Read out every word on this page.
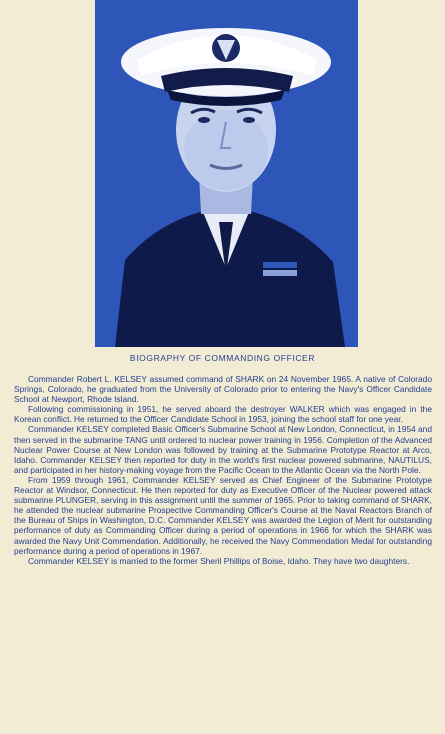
BIOGRAPHY OF COMMANDING OFFICER

Commander Robert L. KELSEY assumed command of SHARK on 24 November 1965. A native of Colorado Springs, Colorado, he graduated from the University of Colorado prior to entering the Navy's Officer Candidate School at Newport, Rhode Island.

Following commissioning in 1951, he served aboard the destroyer WALKER which was engaged in the Korean conflict. He returned to the Officer Candidate School in 1953, joining the school staff for one year.

Commander KELSEY completed Basic Officer's Submarine School at New London, Connecticut, in 1954 and then served in the submarine TANG until ordered to nuclear power training in 1956. Completion of the Advanced Nuclear Power Course at New London was followed by training at the Submarine Prototype Reactor at Arco, Idaho. Commander KELSEY then reported for duty in the world's first nuclear powered submarine, NAUTILUS, and participated in her history-making voyage from the Pacific Ocean to the Atlantic Ocean via the North Pole.

From 1959 through 1961, Commander KELSEY served as Chief Engineer of the Submarine Prototype Reactor at Windsor, Connecticut. He then reported for duty as Executive Officer of the Nuclear powered attack submarine PLUNGER, serving in this assignment until the summer of 1965. Prior to taking command of SHARK, he attended the nuclear submarine Prospective Commanding Officer's Course at the Naval Reactors Branch of the Bureau of Ships in Washington, D.C. Commander KELSEY was awarded the Legion of Merit for outstanding performance of duty as Commanding Officer during a period of operations in 1966 for which the SHARK was awarded the Navy Unit Commendation. Additionally, he received the Navy Commendation Medal for outstanding performance during a period of operations in 1967.

Commander KELSEY is married to the former Sheril Phillips of Boise, Idaho. They have two daughters.
